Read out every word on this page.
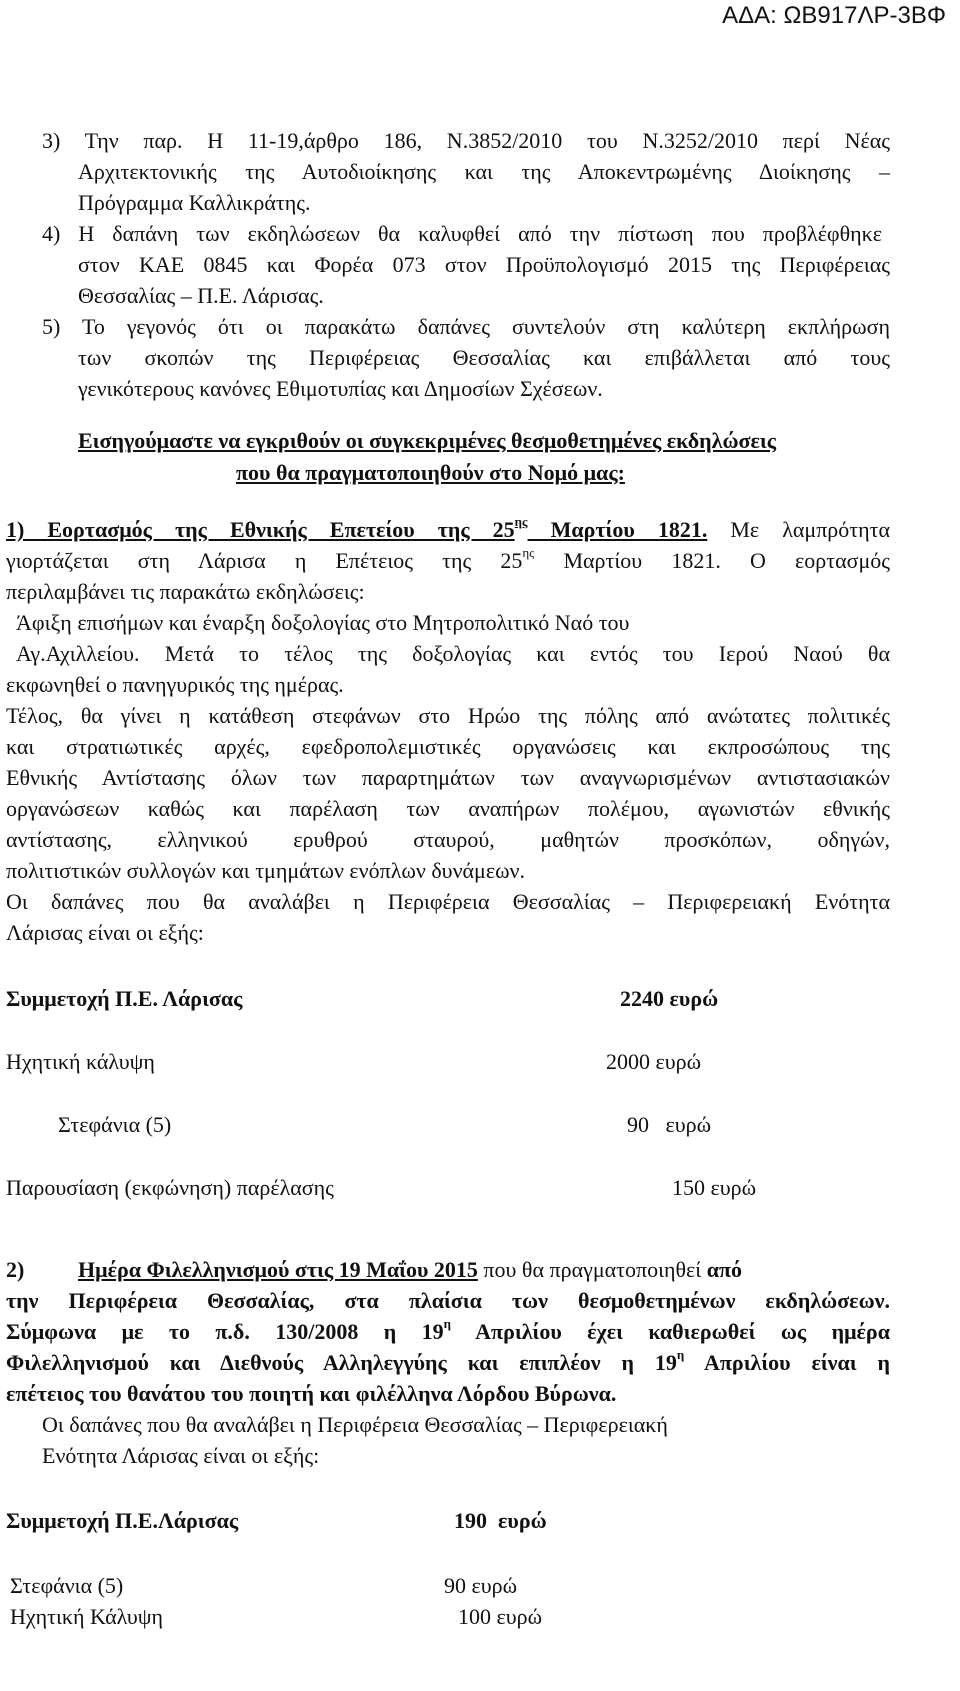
ΑΔΑ: ΩΒ917ΛΡ-3ΒΦ
3) Την παρ. Η 11-19,άρθρο 186, Ν.3852/2010 του Ν.3252/2010 περί Νέας
Αρχιτεκτονικής της Αυτοδιοίκησης και της Αποκεντρωμένης Διοίκησης –
Πρόγραμμα Καλλικράτης.
4) Η δαπάνη των εκδηλώσεων θα καλυφθεί από την πίστωση που προβλέφθηκε
στον ΚΑΕ 0845 και Φορέα 073 στον Προϋπολογισμό 2015 της Περιφέρειας
Θεσσαλίας – Π.Ε. Λάρισας.
5) Το γεγονός ότι οι παρακάτω δαπάνες συντελούν στη καλύτερη εκπλήρωση
των σκοπών της Περιφέρειας Θεσσαλίας και επιβάλλεται από τους
γενικότερους κανόνες Εθιμοτυπίας και Δημοσίων Σχέσεων.
Εισηγούμαστε να εγκριθούν οι συγκεκριμένες θεσμοθετημένες εκδηλώσεις
που θα πραγματοποιηθούν στο Νομό μας:
1) Εορτασμός της Εθνικής Επετείου της $25^{\eta\varsigma}$ Μαρτίου 1821. Με λαμπρότητα
γιορτάζεται στη Λάρισα η Επέτειος της $25^{\eta\varsigma}$ Μαρτίου 1821. Ο εορτασμός
περιλαμβάνει τις παρακάτω εκδηλώσεις:
Άφιξη επισήμων και έναρξη δοξολογίας στο Μητροπολιτικό Ναό του
Αγ.Αχιλλείου. Μετά το τέλος της δοξολογίας και εντός του Ιερού Ναού θα
εκφωνηθεί ο πανηγυρικός της ημέρας.
Τέλος, θα γίνει η κατάθεση στεφάνων στο Ηρώο της πόλης από ανώτατες πολιτικές
και στρατιωτικές αρχές, εφεδροπολεμιστικές οργανώσεις και εκπροσώπους της
Εθνικής Αντίστασης όλων των παραρτημάτων των αναγνωρισμένων αντιστασιακών
οργανώσεων καθώς και παρέλαση των αναπήρων πολέμου, αγωνιστών εθνικής
αντίστασης, ελληνικού ερυθρού σταυρού, μαθητών προσκόπων, οδηγών,
πολιτιστικών συλλογών και τμημάτων ενόπλων δυνάμεων.
Οι δαπάνες που θα αναλάβει η Περιφέρεια Θεσσαλίας – Περιφερειακή Ενότητα
Λάρισας είναι οι εξής:
Συμμετοχή Π.Ε. Λάρισας	2240 ευρώ
Ηχητική κάλυψη	2000 ευρώ
Στεφάνια (5)	90   ευρώ
Παρουσίαση (εκφώνηση) παρέλασης	150 ευρώ
2) Ημέρα Φιλελληνισμού στις 19 Μαΐου 2015 που θα πραγματοποιηθεί από
την Περιφέρεια Θεσσαλίας, στα πλαίσια των θεσμοθετημένων εκδηλώσεων.
Σύμφωνα με το π.δ. 130/2008 η $19^\eta$ Απριλίου έχει καθιερωθεί ως ημέρα
Φιλελληνισμού και Διεθνούς Αλληλεγγύης και επιπλέον η $19^\eta$ Απριλίου είναι η
επέτειος του θανάτου του ποιητή και φιλέλληνα Λόρδου Βύρωνα.
Οι δαπάνες που θα αναλάβει η Περιφέρεια Θεσσαλίας – Περιφερειακή
Ενότητα Λάρισας είναι οι εξής:
Συμμετοχή Π.Ε.Λάρισας	190  ευρώ
Στεφάνια (5)	90 ευρώ
Ηχητική Κάλυψη	100 ευρώ
